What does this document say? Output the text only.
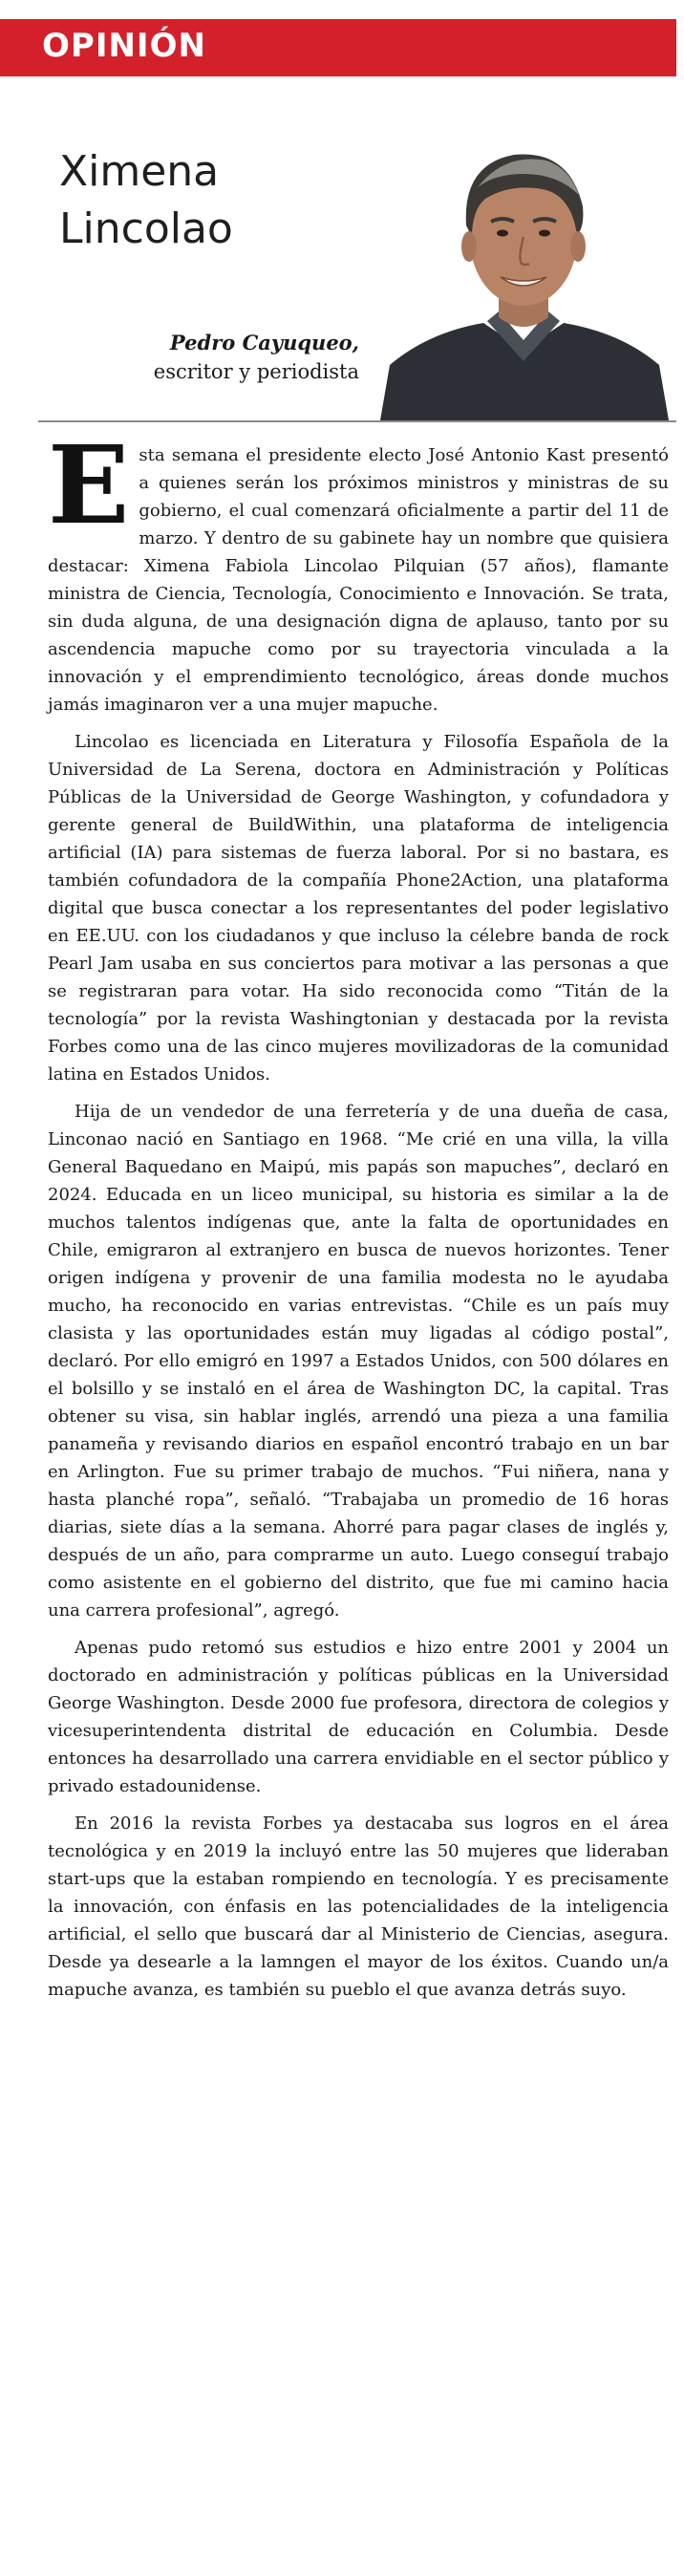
OPINIÓN
Ximena Lincolao
Pedro Cayuqueo,
escritor y periodista

Esta semana el presidente electo José Antonio Kast presentó a quienes serán los próximos ministros y ministras de su gobierno, el cual comenzará oficialmente a partir del 11 de marzo. Y dentro de su gabinete hay un nombre que quisiera destacar: Ximena Fabiola Lincolao Pilquian (57 años), flamante ministra de Ciencia, Tecnología, Conocimiento e Innovación. Se trata, sin duda alguna, de una designación digna de aplauso, tanto por su ascendencia mapuche como por su trayectoria vinculada a la innovación y el emprendimiento tecnológico, áreas donde muchos jamás imaginaron ver a una mujer mapuche.

Lincolao es licenciada en Literatura y Filosofía Española de la Universidad de La Serena, doctora en Administración y Políticas Públicas de la Universidad de George Washington, y cofundadora y gerente general de BuildWithin, una plataforma de inteligencia artificial (IA) para sistemas de fuerza laboral. Por si no bastara, es también cofundadora de la compañía Phone2Action, una plataforma digital que busca conectar a los representantes del poder legislativo en EE.UU. con los ciudadanos y que incluso la célebre banda de rock Pearl Jam usaba en sus conciertos para motivar a las personas a que se registraran para votar. Ha sido reconocida como “Titán de la tecnología” por la revista Washingtonian y destacada por la revista Forbes como una de las cinco mujeres movilizadoras de la comunidad latina en Estados Unidos.

Hija de un vendedor de una ferretería y de una dueña de casa, Linconao nació en Santiago en 1968. “Me crié en una villa, la villa General Baquedano en Maipú, mis papás son mapuches”, declaró en 2024. Educada en un liceo municipal, su historia es similar a la de muchos talentos indígenas que, ante la falta de oportunidades en Chile, emigraron al extranjero en busca de nuevos horizontes. Tener origen indígena y provenir de una familia modesta no le ayudaba mucho, ha reconocido en varias entrevistas. “Chile es un país muy clasista y las oportunidades están muy ligadas al código postal”, declaró. Por ello emigró en 1997 a Estados Unidos, con 500 dólares en el bolsillo y se instaló en el área de Washington DC, la capital. Tras obtener su visa, sin hablar inglés, arrendó una pieza a una familia panameña y revisando diarios en español encontró trabajo en un bar en Arlington. Fue su primer trabajo de muchos. “Fui niñera, nana y hasta planché ropa”, señaló. “Trabajaba un promedio de 16 horas diarias, siete días a la semana. Ahorré para pagar clases de inglés y, después de un año, para comprarme un auto. Luego conseguí trabajo como asistente en el gobierno del distrito, que fue mi camino hacia una carrera profesional”, agregó.

Apenas pudo retomó sus estudios e hizo entre 2001 y 2004 un doctorado en administración y políticas públicas en la Universidad George Washington. Desde 2000 fue profesora, directora de colegios y vicesuperintendenta distrital de educación en Columbia. Desde entonces ha desarrollado una carrera envidiable en el sector público y privado estadounidense.

En 2016 la revista Forbes ya destacaba sus logros en el área tecnológica y en 2019 la incluyó entre las 50 mujeres que lideraban start-ups que la estaban rompiendo en tecnología. Y es precisamente la innovación, con énfasis en las potencialidades de la inteligencia artificial, el sello que buscará dar al Ministerio de Ciencias, asegura. Desde ya desearle a la lamngen el mayor de los éxitos. Cuando un/a mapuche avanza, es también su pueblo el que avanza detrás suyo.
